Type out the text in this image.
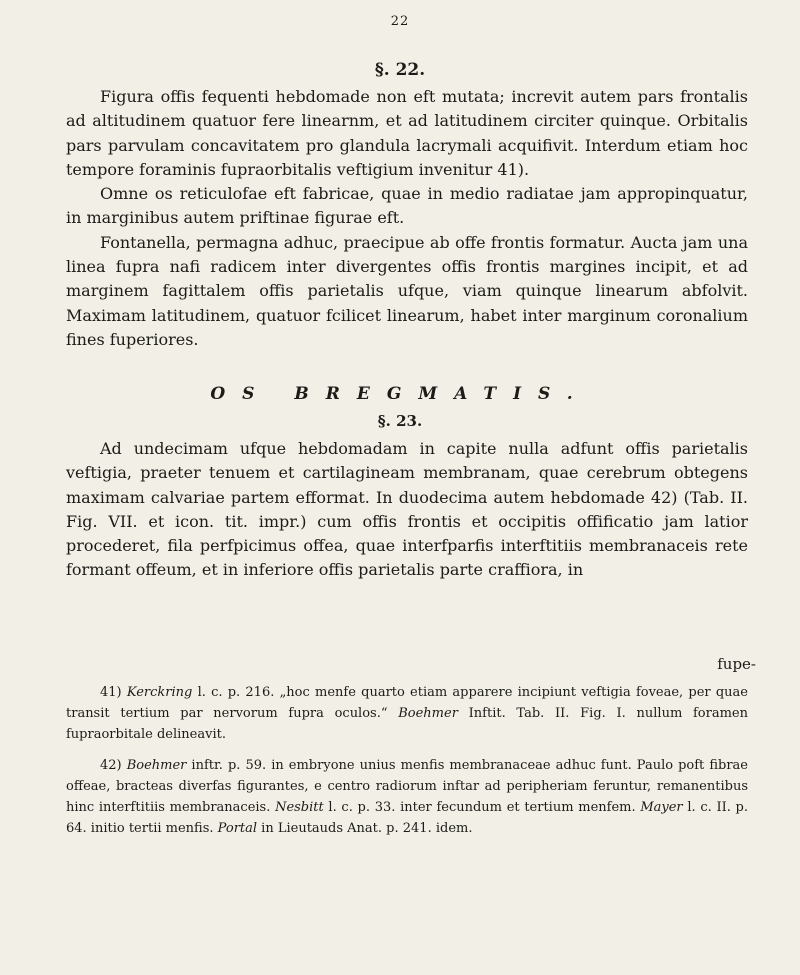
22
§. 22.

Figura offis fequenti hebdomade non eft mutata; increvit autem pars frontalis ad altitudinem quatuor fere linearnm, et ad latitudinem circiter quinque. Orbitalis pars parvulam concavitatem pro glandula lacrymali acquifivit. Interdum etiam hoc tempore foraminis fupraorbitalis veftigium invenitur 41).

Omne os reticulofae eft fabricae, quae in medio radiatae jam appropinquatur, in marginibus autem priftinae figurae eft.

Fontanella, permagna adhuc, praecipue ab offe frontis formatur. Aucta jam una linea fupra nafi radicem inter divergentes offis frontis margines incipit, et ad marginem fagittalem offis parietalis ufque, viam quinque linearum abfolvit. Maximam latitudinem, quatuor fcilicet linearum, habet inter marginum coronalium fines fuperiores.

OS BREGMATIS.
§. 23.

Ad undecimam ufque hebdomadam in capite nulla adfunt offis parietalis veftigia, praeter tenuem et cartilagineam membranam, quae cerebrum obtegens maximam calvariae partem efformat. In duodecima autem hebdomade 42) (Tab. II. Fig. VII. et icon. tit. impr.) cum offis frontis et occipitis offificatio jam latior procederet, fila perfpicimus offea, quae interfparfis interftitiis membranaceis rete formant offeum, et in inferiore offis parietalis parte craffiora, in

fupe-

41) Kerckring l. c. p. 216. „hoc menfe quarto etiam apparere incipiunt veftigia foveae, per quae transit tertium par nervorum fupra oculos.“ Boehmer Inftit. Tab. II. Fig. I. nullum foramen fupraorbitale delineavit.

42) Boehmer inftr. p. 59. in embryone unius menfis membranaceae adhuc funt. Paulo poft fibrae offeae, bracteas diverfas figurantes, e centro radiorum inftar ad peripheriam feruntur, remanentibus hinc interftitiis membranaceis. Nesbitt l. c. p. 33. inter fecundum et tertium menfem. Mayer l. c. II. p. 64. initio tertii menfis. Portal in Lieutauds Anat. p. 241. idem.
